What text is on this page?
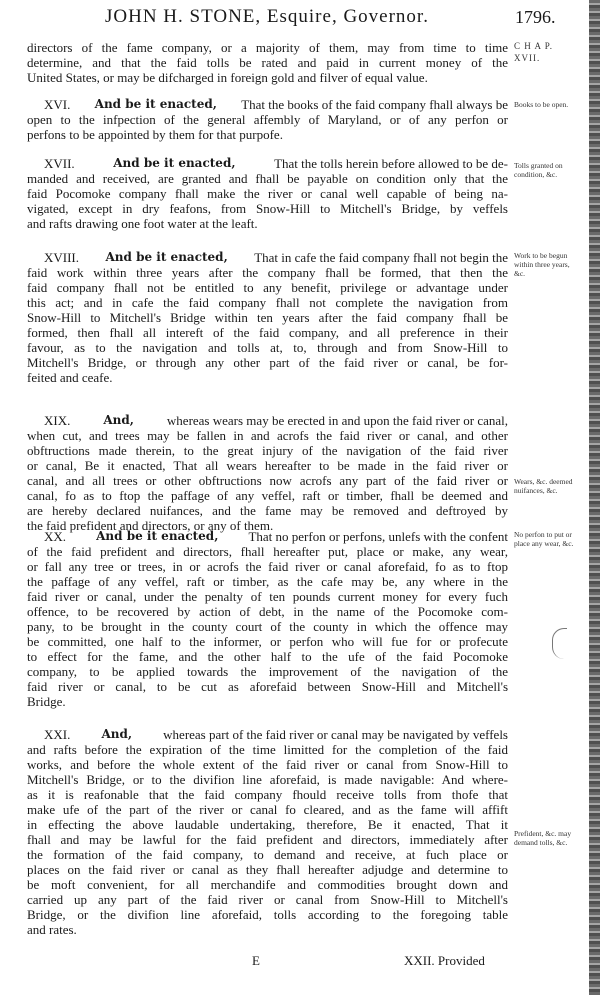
JOHN H. STONE, Esquire, Governor.	1796.
directors of the fame company, or a majority of them, may from time to time
determine, and that the faid tolls be rated and paid in current money of the
United States, or may be difcharged in foreign gold and filver of equal value.
XVI. And be it enacted, That the books of the faid company fhall always be
open to the infpection of the general affembly of Maryland, or of any perfon or
perfons to be appointed by them for that purpofe.
XVII.	And be it enacted,	That the tolls herein before allowed to be de-
manded and received, are granted and fhall be payable on condition only that the
faid Pocomoke company fhall make the river or canal well capable of being na-
vigated, except in dry feafons, from Snow-Hill to Mitchell's Bridge, by veffels
and rafts drawing one foot water at the leaft.
XVIII. And be it enacted, That in cafe the faid company fhall not begin the
faid work within three years after the company fhall be formed, that then the
faid company fhall not be entitled to any benefit, privilege or advantage under
this act; and in cafe the faid company fhall not complete the navigation from
Snow-Hill to Mitchell's Bridge within ten years after the faid company fhall be
formed, then fhall all intereft of the faid company, and all preference in their
favour, as to the navigation and tolls at, to, through and from Snow-Hill to
Mitchell's Bridge, or through any other part of the faid river or canal, be for-
feited and ceafe.
XIX.	And,	whereas wears may be erected in and upon the faid river or canal,
when cut, and trees may be fallen in and acrofs the faid river or canal, and other
obftructions made therein, to the great injury of the navigation of the faid river
or canal, Be it enacted, That all wears hereafter to be made in the faid river or
canal, and all trees or other obftructions now acrofs any part of the faid river or
canal, fo as to ftop the paffage of any veffel, raft or timber, fhall be deemed and
are hereby declared nuifances, and the fame may be removed and deftroyed by
the faid prefident and directors, or any of them.
XX.	And be it enacted, That no perfon or perfons, unlefs with the confent
of the faid prefident and directors, fhall hereafter put, place or make, any wear,
or fall any tree or trees, in or acrofs the faid river or canal aforefaid, fo as to ftop
the paffage of any veffel, raft or timber, as the cafe may be, any where in the
faid river or canal, under the penalty of ten pounds current money for every fuch
offence, to be recovered by action of debt, in the name of the Pocomoke com-
pany, to be brought in the county court of the county in which the offence may
be committed, one half to the informer, or perfon who will fue for or profecute
to effect for the fame, and the other half to the ufe of the faid Pocomoke
company, to be applied towards the improvement of the navigation of the
faid river or canal, to be cut as aforefaid between Snow-Hill and Mitchell's
Bridge.
XXI.	And, whereas part of the faid river or canal may be navigated by veffels
and rafts before the expiration of the time limitted for the completion of the faid
works, and before the whole extent of the faid river or canal from Snow-Hill to
Mitchell's Bridge, or to the divifion line aforefaid, is made navigable: And where-
as it is reafonable that the faid company fhould receive tolls from thofe that
make ufe of the part of the river or canal fo cleared, and as the fame will affift
in effecting the above laudable undertaking, therefore, Be it enacted, That it
fhall and may be lawful for the faid prefident and directors, immediately after
the formation of the faid company, to demand and receive, at fuch place or
places on the faid river or canal as they fhall hereafter adjudge and determine to
be moft convenient, for all merchandife and commodities brought down and
carried up any part of the faid river or canal from Snow-Hill to Mitchell's
Bridge, or the divifion line aforefaid, tolls according to the foregoing table
and rates.
C H A P.
XVII.
Books to be open.
Tolls granted on condition, &c.
Work to be begun within three years, &c.
Wears, &c. deemed nuifances, &c.
No perfon to put or place any wear, &c.
Prefident, &c. may demand tolls, &c.
E	XXII. Provided
